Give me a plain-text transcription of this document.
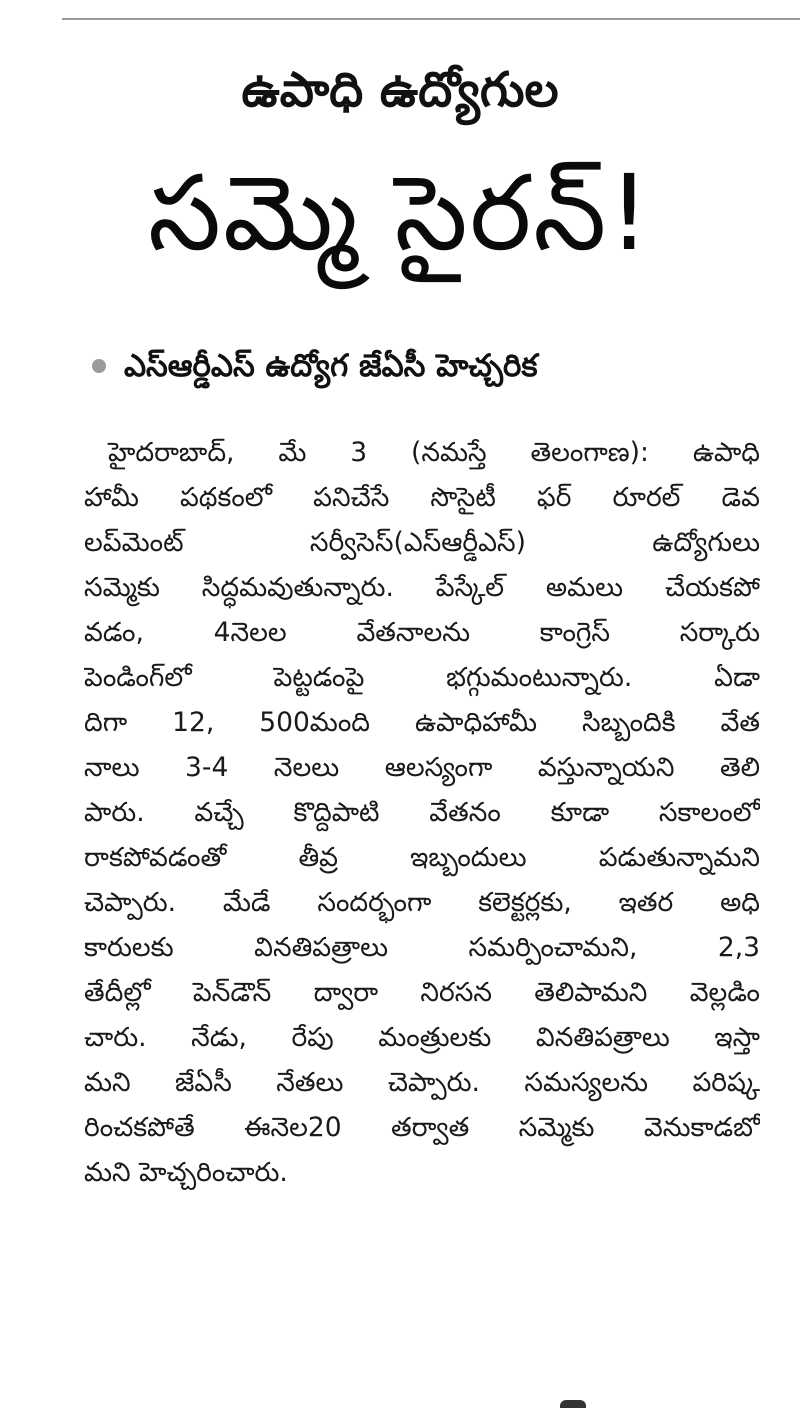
ఉపాధి ఉద్యోగుల
సమ్మె సైరన్!
ఎస్ఆర్డీఎస్ ఉద్యోగ జేఏసీ హెచ్చరిక
హైదరాబాద్, మే 3 (నమస్తే తెలంగాణ): ఉపాధి
హామీ పథకంలో పనిచేసే సొసైటీ ఫర్ రూరల్ డెవ
లప్‌మెంట్ సర్వీసెస్(ఎస్ఆర్డీఎస్) ఉద్యోగులు
సమ్మెకు సిద్ధమవుతున్నారు. పేస్కేల్ అమలు చేయకపో
వడం, 4నెలల వేతనాలను కాంగ్రెస్ సర్కారు
పెండింగ్‌లో పెట్టడంపై భగ్గుమంటున్నారు. ఏడా
దిగా 12, 500మంది ఉపాధిహామీ సిబ్బందికి వేత
నాలు 3-4 నెలలు ఆలస్యంగా వస్తున్నాయని తెలి
పారు. వచ్చే కొద్దిపాటి వేతనం కూడా సకాలంలో
రాకపోవడంతో తీవ్ర ఇబ్బందులు పడుతున్నామని
చెప్పారు. మేడే సందర్భంగా కలెక్టర్లకు, ఇతర అధి
కారులకు వినతిపత్రాలు సమర్పించామని, 2,3
తేదీల్లో పెన్‌డౌన్ ద్వారా నిరసన తెలిపామని వెల్లడిం
చారు. నేడు, రేపు మంత్రులకు వినతిపత్రాలు ఇస్తా
మని జేఏసీ నేతలు చెప్పారు. సమస్యలను పరిష్క
రించకపోతే ఈనెల20 తర్వాత సమ్మెకు వెనుకాడబో
మని హెచ్చరించారు.
